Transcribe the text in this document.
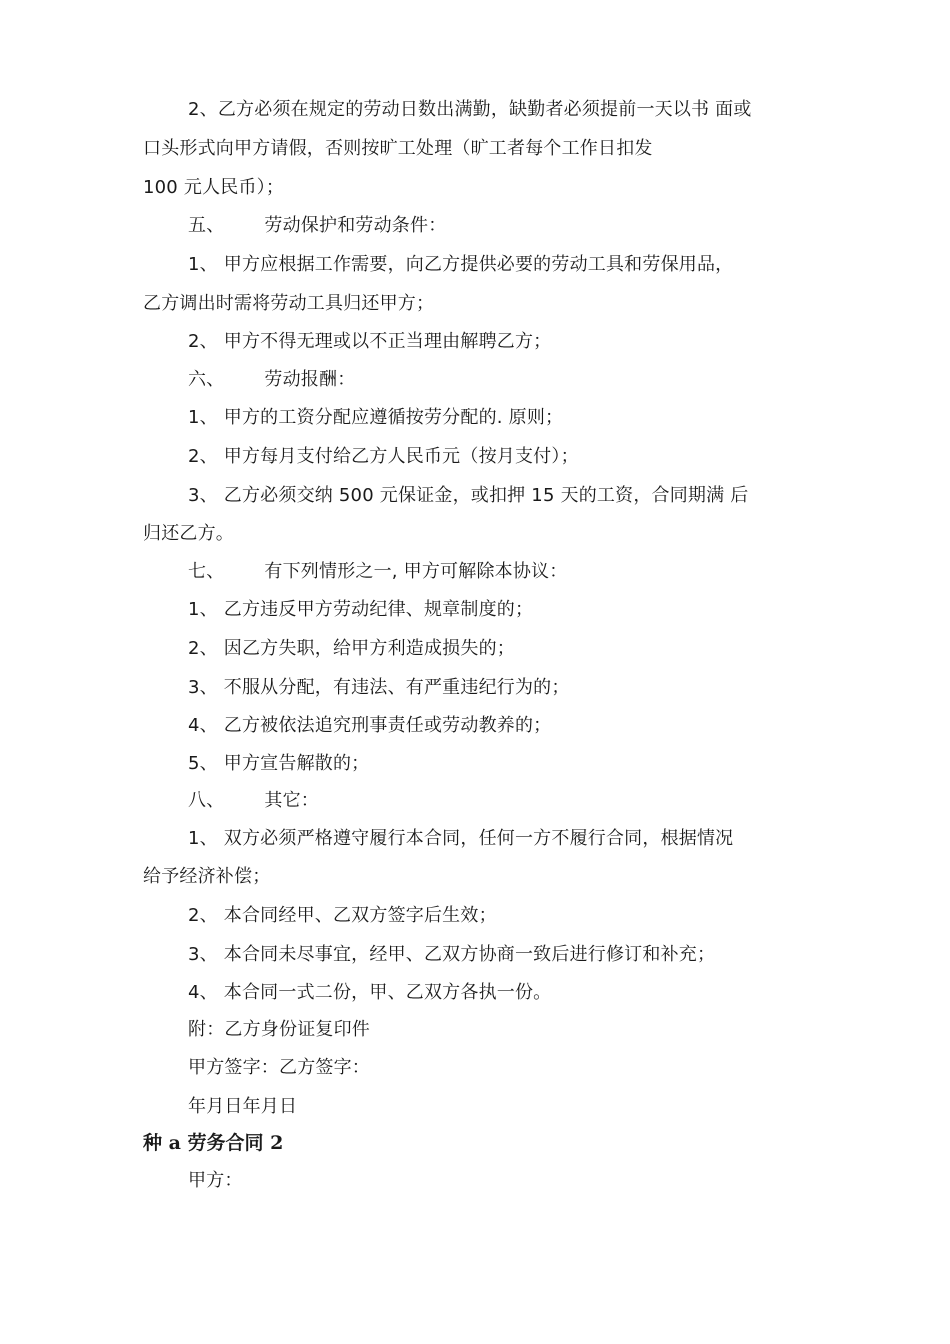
2、乙方必须在规定的劳动日数出满勤，缺勤者必须提前一天以书 面或
口头形式向甲方请假，否则按旷工处理（旷工者每个工作日扣发
100 元人民币）；
五、 劳动保护和劳动条件：
1、 甲方应根据工作需要，向乙方提供必要的劳动工具和劳保用品，
乙方调出时需将劳动工具归还甲方；
2、 甲方不得无理或以不正当理由解聘乙方；
六、 劳动报酬：
1、 甲方的工资分配应遵循按劳分配的. 原则；
2、 甲方每月支付给乙方人民币元（按月支付）；
3、 乙方必须交纳 500 元保证金，或扣押 15 天的工资，合同期满 后
归还乙方。
七、 有下列情形之一, 甲方可解除本协议：
1、 乙方违反甲方劳动纪律、规章制度的；
2、 因乙方失职，给甲方利造成损失的；
3、 不服从分配，有违法、有严重违纪行为的；
4、 乙方被依法追究刑事责任或劳动教养的；
5、 甲方宣告解散的；
八、 其它：
1、 双方必须严格遵守履行本合同，任何一方不履行合同，根据情况
给予经济补偿；
2、 本合同经甲、乙双方签字后生效；
3、 本合同未尽事宜，经甲、乙双方协商一致后进行修订和补充；
4、 本合同一式二份，甲、乙双方各执一份。
附：乙方身份证复印件
甲方签字：乙方签字：
年月日年月日
种 a 劳务合同 2
甲方：
